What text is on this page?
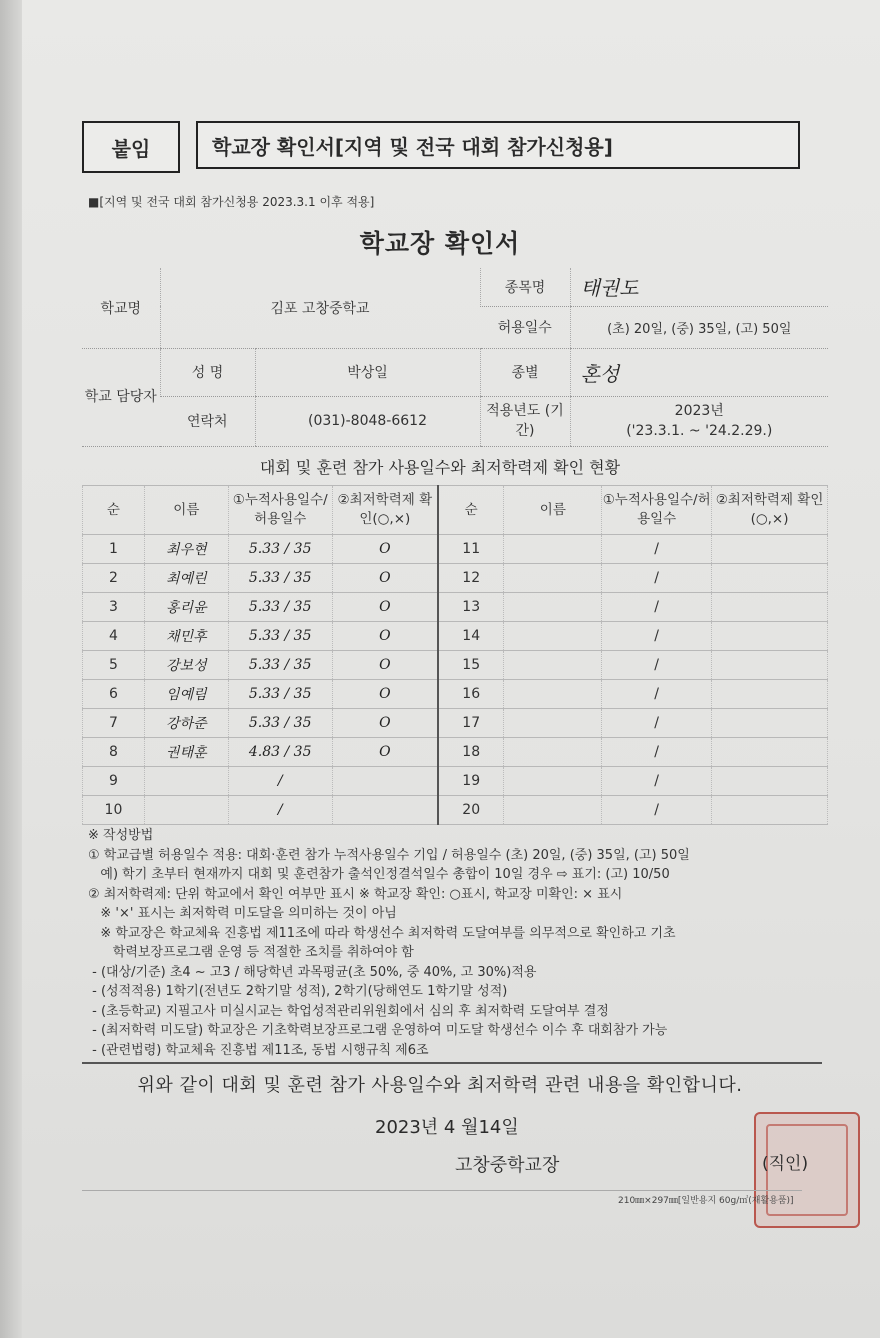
붙임	학교장 확인서[지역 및 전국 대회 참가신청용]
■[지역 및 전국 대회 참가신청용 2023.3.1 이후 적용]
학교장 확인서
학교명	김포 고창중학교		종목명	태권도
			허용일수	(초) 20일, (중) 35일, (고) 50일
학교 담당자	성 명	박상일	종별	혼성
	연락처	(031)-8048-6612	적용년도 (기간)	2023년
('23.3.1. ~ '24.2.29.)
대회 및 훈련 참가 사용일수와 최저학력제 확인 현황
순	이름	①누적사용일수/허용일수	②최저학력제 확인(○,×)	순	이름	①누적사용일수/허용일수	②최저학력제 확인(○,×)
1	최우현	5.33 / 35	O	11		/	
2	최예린	5.33 / 35	O	12		/	
3	홍리윤	5.33 / 35	O	13		/	
4	채민후	5.33 / 35	O	14		/	
5	강보성	5.33 / 35	O	15		/	
6	임예림	5.33 / 35	O	16		/	
7	강하준	5.33 / 35	O	17		/	
8	권태훈	4.83 / 35	O	18		/	
9		/		19		/	
10		/		20		/	
※ 작성방법
① 학교급별 허용일수 적용: 대회·훈련 참가 누적사용일수 기입 / 허용일수 (초) 20일, (중) 35일, (고) 50일
예) 학기 초부터 현재까지 대회 및 훈련참가 출석인정결석일수 총합이 10일 경우 ⇨ 표기: (고) 10/50
② 최저학력제: 단위 학교에서 확인 여부만 표시 ※ 학교장 확인: ○표시, 학교장 미확인: × 표시
※ '×' 표시는 최저학력 미도달을 의미하는 것이 아님
※ 학교장은 학교체육 진흥법 제11조에 따라 학생선수 최저학력 도달여부를 의무적으로 확인하고 기초
학력보장프로그램 운영 등 적절한 조치를 취하여야 함
- (대상/기준) 초4 ~ 고3 / 해당학년 과목평균(초 50%, 중 40%, 고 30%)적용
- (성적적용) 1학기(전년도 2학기말 성적), 2학기(당해연도 1학기말 성적)
- (초등학교) 지필고사 미실시교는 학업성적관리위원회에서 심의 후 최저학력 도달여부 결정
- (최저학력 미도달) 학교장은 기초학력보장프로그램 운영하여 미도달 학생선수 이수 후 대회참가 가능
- (관련법령) 학교체육 진흥법 제11조, 동법 시행규칙 제6조
위와 같이 대회 및 훈련 참가 사용일수와 최저학력 관련 내용을 확인합니다.
2023년 4 월14일
고창중학교장	(직인)
210㎜×297㎜[일반용지 60g/㎡(재활용품)]
